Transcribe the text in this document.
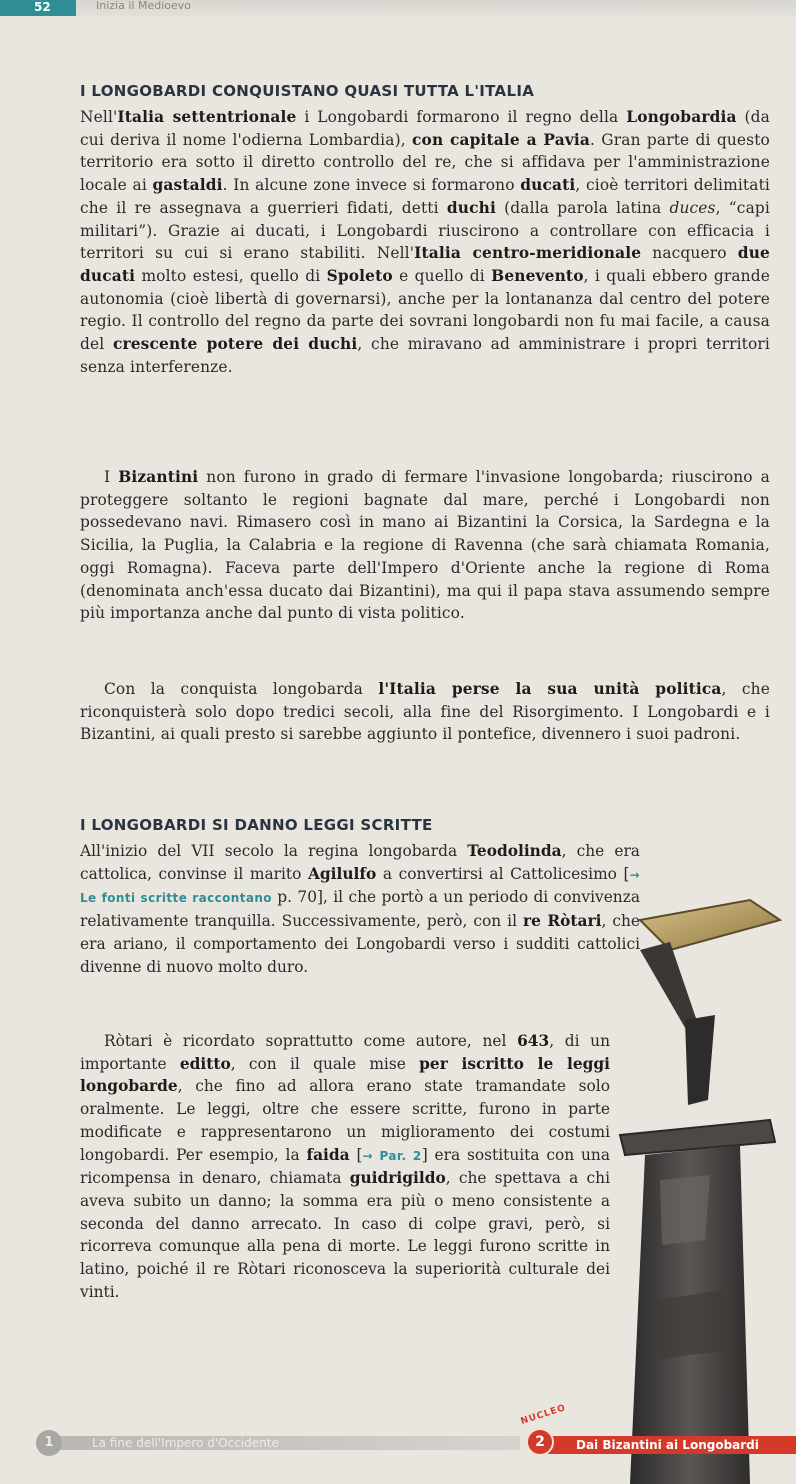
52	Inizia il Medioevo
I LONGOBARDI CONQUISTANO QUASI TUTTA L'ITALIA
Nell'Italia settentrionale i Longobardi formarono il regno della Longobardia (da cui deriva il nome l'odierna Lombardia), con capitale a Pavia. Gran parte di questo territorio era sotto il diretto controllo del re, che si affidava per l'amministrazione locale ai gastaldi. In alcune zone invece si formarono ducati, cioè territori delimitati che il re assegnava a guerrieri fidati, detti duchi (dalla parola latina duces, “capi militari”). Grazie ai ducati, i Longobardi riuscirono a controllare con efficacia i territori su cui si erano stabiliti. Nell'Italia centro-meridionale nacquero due ducati molto estesi, quello di Spoleto e quello di Benevento, i quali ebbero grande autonomia (cioè libertà di governarsi), anche per la lontananza dal centro del potere regio. Il controllo del regno da parte dei sovrani longobardi non fu mai facile, a causa del crescente potere dei duchi, che miravano ad amministrare i propri territori senza interferenze.
I Bizantini non furono in grado di fermare l'invasione longobarda; riuscirono a proteggere soltanto le regioni bagnate dal mare, perché i Longobardi non possedevano navi. Rimasero così in mano ai Bizantini la Corsica, la Sardegna e la Sicilia, la Puglia, la Calabria e la regione di Ravenna (che sarà chiamata Romania, oggi Romagna). Faceva parte dell'Impero d'Oriente anche la regione di Roma (denominata anch'essa ducato dai Bizantini), ma qui il papa stava assumendo sempre più importanza anche dal punto di vista politico.
Con la conquista longobarda l'Italia perse la sua unità politica, che riconquisterà solo dopo tredici secoli, alla fine del Risorgimento. I Longobardi e i Bizantini, ai quali presto si sarebbe aggiunto il pontefice, divennero i suoi padroni.
I LONGOBARDI SI DANNO LEGGI SCRITTE
All'inizio del VII secolo la regina longobarda Teodolinda, che era cattolica, convinse il marito Agilulfo a convertirsi al Cattolicesimo [→ Le fonti scritte raccontano p. 70], il che portò a un periodo di convivenza relativamente tranquilla. Successivamente, però, con il re Ròtari, che era ariano, il comportamento dei Longobardi verso i sudditi cattolici divenne di nuovo molto duro.
Ròtari è ricordato soprattutto come autore, nel 643, di un importante editto, con il quale mise per iscritto le leggi longobarde, che fino ad allora erano state tramandate solo oralmente. Le leggi, oltre che essere scritte, furono in parte modificate e rappresentarono un miglioramento dei costumi longobardi. Per esempio, la faida [→ Par. 2] era sostituita con una ricompensa in denaro, chiamata guidrigildo, che spettava a chi aveva subito un danno; la somma era più o meno consistente a seconda del danno arrecato. In caso di colpe gravi, però, si ricorreva comunque alla pena di morte. Le leggi furono scritte in latino, poiché il re Ròtari riconosceva la superiorità culturale dei vinti.
1	La fine dell'Impero d'Occidente
NUCLEO
2	Dai Bizantini ai Longobardi
